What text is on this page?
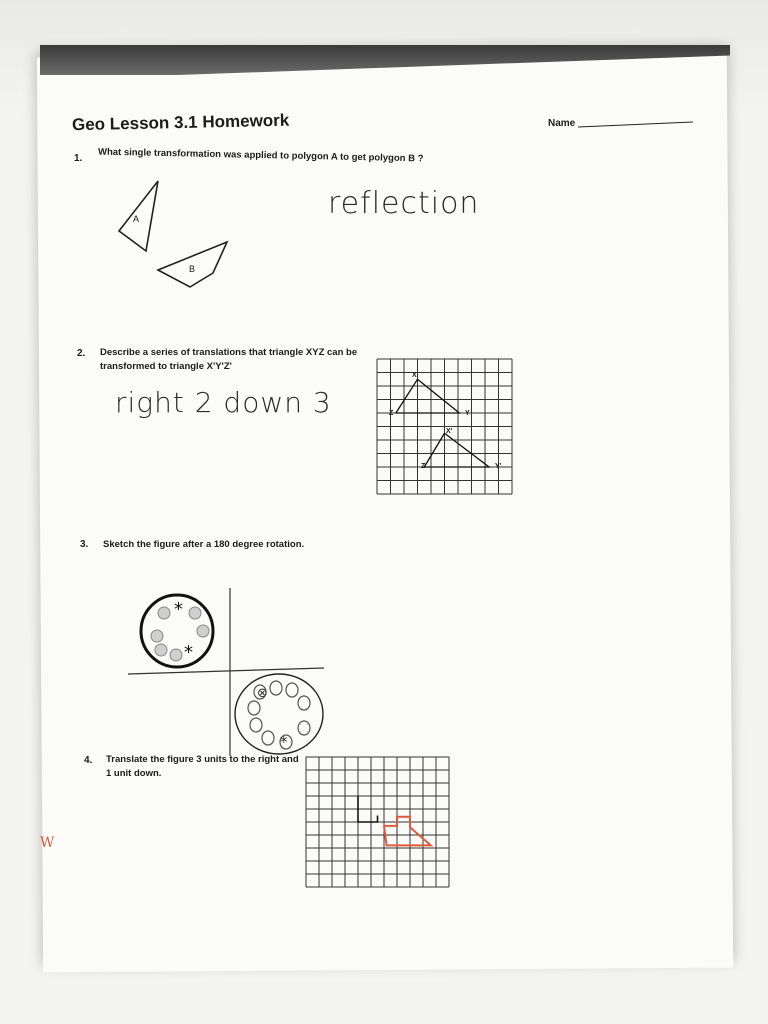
Geo Lesson 3.1 Homework	Name
1. What single transformation was applied to polygon A to get polygon B ?
reflection
A
B
2. Describe a series of translations that triangle XYZ can be transformed to triangle X'Y'Z'
right 2 down 3
X
Z	Y
X'
Z'	Y'
3. Sketch the figure after a 180 degree rotation.
*
*
*
⊗
4. Translate the figure 3 units to the right and 1 unit down.
W
